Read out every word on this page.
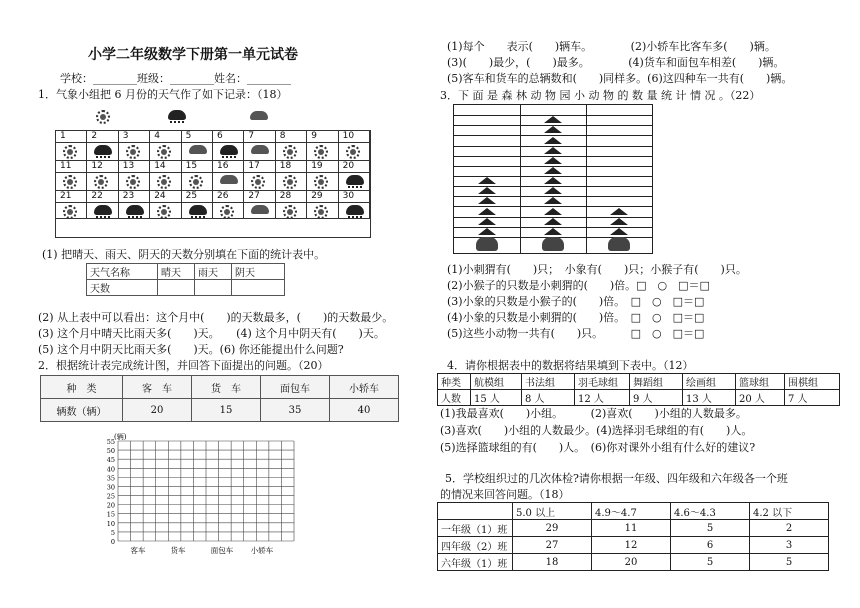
小学二年级数学下册第一单元试卷
学校：________班级：________姓名：________
1．气象小组把 6 月份的天气作了如下记录：（18）
1	2	3	4	5	6	7	8	9	10
11 12 13 14 15 16 17 18 19 20
21 22 23 24 25 26 27 28 29 30
(1) 把晴天、雨天、阴天的天数分别填在下面的统计表中。
天气名称	晴天	雨天	阴天
天数			
(2) 从上表中可以看出：这个月中(　　)的天数最多，(　　)的天数最少。
(3) 这个月中晴天比雨天多(　　)天。　　(4) 这个月中阴天有(　　)天。
(5) 这个月中阴天比雨天多(　　)天。(6) 你还能提出什么问题?
2．根据统计表完成统计图，并回答下面提出的问题。（20）
种　类	客　车	货　车	面包车	小轿车
辆数（辆）	20	15	35	40
(辆)
55
50
45
40
35
30
25
20
15
10
5
0
客车	货车	面包车 小轿车
(1)每个　　表示(　　)辆车。　　　　(2)小轿车比客车多(　　)辆。
(3)(　　)最少，(　　)最多。　　　　(4)货车和面包车相差(　　)辆。
(5)客车和货车的总辆数和(　　)同样多。(6)这四种车一共有(　　)辆。
3．下 面 是 森 林 动 物 园 小 动 物 的 数 量 统 计 情 况 。（22）
(1)小刺猬有(　　)只；　小象有(　　)只；小猴子有(　　)只。
(2)小猴子的只数是小刺猬的(　　)倍。□　○　□＝□
(3)小象的只数是小猴子的(　　)倍。　□　○　□＝□
(4)小象的只数是小刺猬的(　　)倍。　□　○　□＝□
(5)这些小动物一共有(　　)只。　　　□　○　□＝□
4．请你根据表中的数据将结果填到下表中。（12）
种类	航模组	书法组	羽毛球组	舞蹈组	绘画组	篮球组	围棋组
人数	15 人	8 人	12 人	9 人	13 人	20 人	7 人
(1)我最喜欢(　　)小组。　　　(2)喜欢(　　)小组的人数最多。
(3)喜欢(　　)小组的人数最少。(4)选择羽毛球组的有(　　)人。
(5)选择篮球组的有(　　)人。　(6)你对课外小组有什么好的建议?
5．学校组织过的几次体检?请你根据一年级、四年级和六年级各一个班
的情况来回答问题。（18）
	5.0 以上	4.9～4.7	4.6～4.3	4.2 以下
一年级（1）班	29	11	5	2
四年级（2）班	27	12	6	3
六年级（1）班	18	20	5	5
